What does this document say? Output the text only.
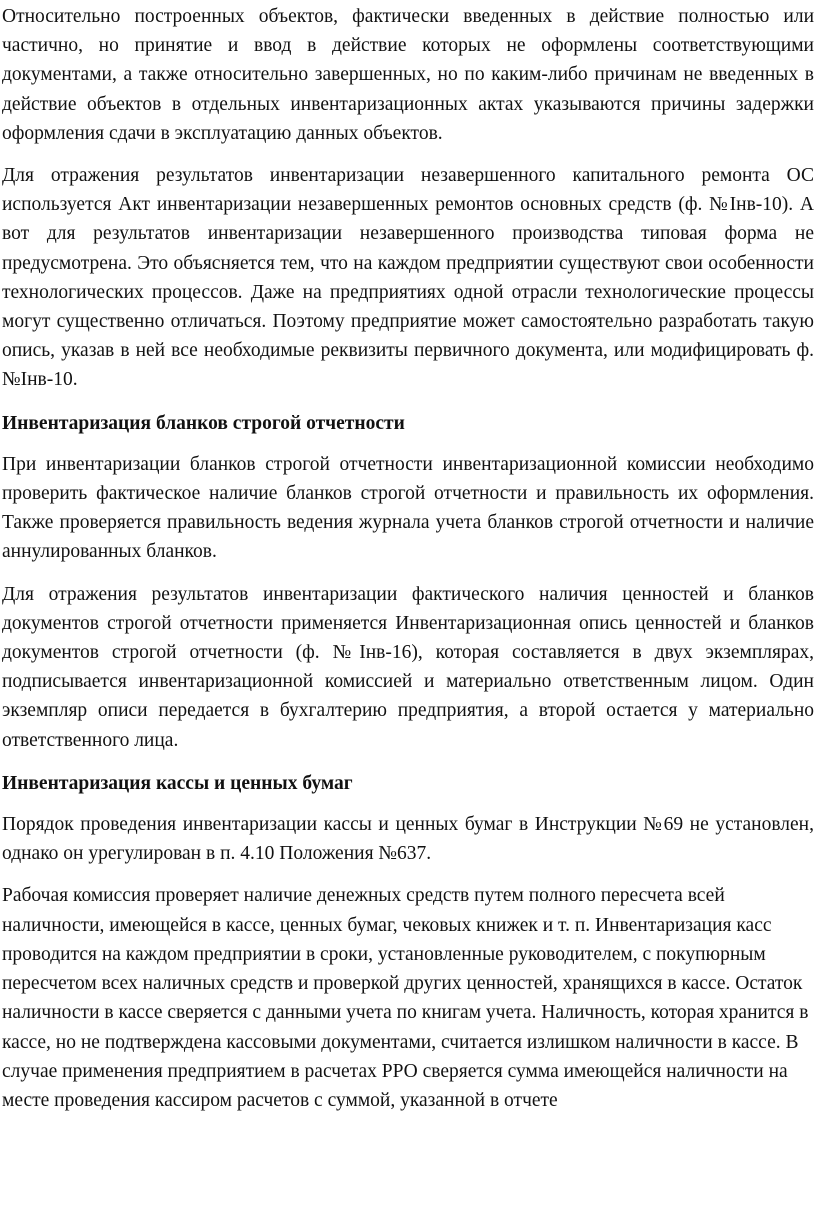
Относительно построенных объектов, фактически введенных в действие полностью или частично, но принятие и ввод в действие которых не оформлены соответствующими документами, а также относительно завершенных, но по каким-либо причинам не введенных в действие объектов в отдельных инвентаризационных актах указываются причины задержки оформления сдачи в эксплуатацию данных объектов.

Для отражения результатов инвентаризации незавершенного капитального ремонта ОС используется Акт инвентаризации незавершенных ремонтов основных средств (ф. №Інв-10). А вот для результатов инвентаризации незавершенного производства типовая форма не предусмотрена. Это объясняется тем, что на каждом предприятии существуют свои особенности технологических процессов. Даже на предприятиях одной отрасли технологические процессы могут существенно отличаться. Поэтому предприятие может самостоятельно разработать такую опись, указав в ней все необходимые реквизиты первичного документа, или модифицировать ф. №Інв-10.

Инвентаризация бланков строгой отчетности

При инвентаризации бланков строгой отчетности инвентаризационной комиссии необходимо проверить фактическое наличие бланков строгой отчетности и правильность их оформления. Также проверяется правильность ведения журнала учета бланков строгой отчетности и наличие аннулированных бланков.

Для отражения результатов инвентаризации фактического наличия ценностей и бланков документов строгой отчетности применяется Инвентаризационная опись ценностей и бланков документов строгой отчетности (ф. №Інв-16), которая составляется в двух экземплярах, подписывается инвентаризационной комиссией и материально ответственным лицом. Один экземпляр описи передается в бухгалтерию предприятия, а второй остается у материально ответственного лица.

Инвентаризация кассы и ценных бумаг

Порядок проведения инвентаризации кассы и ценных бумаг в Инструкции №69 не установлен, однако он урегулирован в п. 4.10 Положения №637.

Рабочая комиссия проверяет наличие денежных средств путем полного пересчета всей наличности, имеющейся в кассе, ценных бумаг, чековых книжек и т. п. Инвентаризация касс проводится на каждом предприятии в сроки, установленные руководителем, с покупюрным пересчетом всех наличных средств и проверкой других ценностей, хранящихся в кассе. Остаток наличности в кассе сверяется с данными учета по книгам учета. Наличность, которая хранится в кассе, но не подтверждена кассовыми документами, считается излишком наличности в кассе. В случае применения предприятием в расчетах РРО сверяется сумма имеющейся наличности на месте проведения кассиром расчетов с суммой, указанной в отчете
